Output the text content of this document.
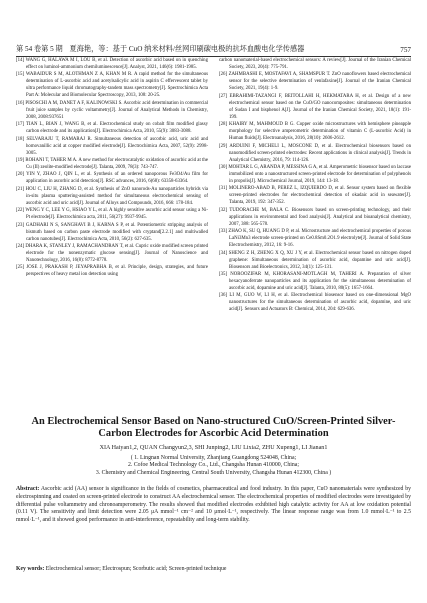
第 54 卷第 5 期 夏海艳，等：基于 CuO 纳米材料/丝网印刷碳电极的抗坏血酸电化学传感器	757

[14] WANG G, HALAWA M I, LOU B, et al. Detection of ascorbic acid based on in quenching effect on luminol-ammonium chemiluminescence[J]. Analyst, 2021, 146(6): 1981-1985.

[15] WABAIDUR S M, ALOTHMAN Z A, KHAN M R. A rapid method for the simultaneous determination of L-ascorbic acid and acetylsalicylic acid in aspirin C effervescent tablet by ultra performance liquid chromatography-tandem mass spectrometry[J]. Spectrochimica Acta Part A: Molecular and Biomolecular Spectroscopy, 2013, 108: 20-25.

[16] PISOSCHI A M, DANET A F, KALINOWSKI S. Ascorbic acid determination in commercial fruit juice samples by cyclic voltammetry[J]. Journal of Analytical Methods in Chemistry, 2008, 2008:937651

[17] TIAN L, BIAN J, WANG B, et al. Electrochemical study on cobalt film modified glassy carbon electrode and its application[J]. Electrochimica Acta, 2010, 55(9): 3083-3088.

[18] SELVARAJU T, RAMARAJ R. Simultaneous detection of ascorbic acid, uric acid and homovanillic acid at copper modified electrode[J]. Electrochimica Acta, 2007, 52(9): 2998-3005.

[19] ROHANI T, TAHER M A. A new method for electrocatalytic oxidation of ascorbic acid at the Cu (II) zeolite-modified electrode[J]. Talanta, 2009, 78(3): 743-747.

[20] YIN Y, ZHAO J, QIN L, et al. Synthesis of an ordered nanoporous Fe3O4/Au film for application in ascorbic acid detection[J]. RSC advances, 2016, 6(68): 63358-63364.

[21] HOU C, LIU H, ZHANG D, et al. Synthesis of ZnO nanorods-Au nanoparticles hybrids via in-situ plasma sputtering-assisted method for simultaneous electrochemical sensing of ascorbic acid and uric acid[J]. Journal of Alloys and Compounds, 2016, 666: 178-184.

[22] WENG Y C, LEE Y G, HSIAO Y L, et al. A highly sensitive ascorbic acid sensor using a Ni-Pt electrode[J]. Electrochimica acta, 2011, 56(27): 9937-9945.

[23] GADHARI N S, SANGHAVI B J, KARNA S P, et al. Potentiometric stripping analysis of bismuth based on carbon paste electrode modified with cryptand[2.2.1] and multiwalled carbon nanotubes[J]. Electrochimica Acta, 2010, 56(2): 627-635.

[24] DHARA K, STANLEY J, RAMACHANDRAN T, et al. Cupric oxide modified screen printed electrode for the nonenzymatic glucose sensing[J]. Journal of Nanoscience and Nanotechnology, 2016, 16(8): 8772-8778.

[25] JOSE J, PRAKASH P, JEYAPRABHA B, et al. Principle, design, strategies, and future perspectives of heavy metal ion detection using

carbon nanomaterial-based electrochemical sensors: A review[J]. Journal of the Iranian Chemical Society, 2023, 20(4): 775-791.

[26] ZAHMBASHI E, MOSTAFAVI A, SHAMSPUR T. ZnO nanoflowers based electrochemical sensor for the selective determination of venlafaxine[J]. Journal of the Iranian Chemical Society, 2021, 19(4): 1-9.

[27] EBRAHIMI-TAZANGI F, BEITOLLAHI H, HEKMATARA H, et al. Design of a new electrochemical sensor based on the CuO/GO nanocomposites: simultaneous determination of Sudan I and bisphenol A[J]. Journal of the Iranian Chemical Society, 2021, 18(1): 191-199.

[28] KHAIRY M, MAHMOUD B G. Copper oxide microstructures with hemisphere pineapple morphology for selective amperometric determination of vitamin C (L-ascorbic Acid) in Human fluids[J]. Electroanalysis, 2016, 28(10): 2606-2612.

[29] ARDUINI F, MICHELI L, MOSCONE D, et al. Electrochemical biosensors based on nanomodified screen-printed electrodes: Recent applications in clinical analysis[J]. Trends in Analytical Chemistry, 2016, 79: 114-126.

[30] MOHTAR L G, ARANDA P, MESSINA G A, et al. Amperometric biosensor based on laccase immobilized onto a nanostructured screen-printed electrode for determination of polyphenols in propolis[J]. Microchemical Journal, 2019, 144: 13-18.

[31] MOLINERO-ABAD B, PEREZ L, IZQUIERDO D, et al. Sensor system based on flexible screen-printed electrodes for electrochemical detection of okadaic acid in seawater[J]. Talanta, 2019, 192: 347-352.

[32] TUDORACHE M, BALA C. Biosensors based on screen-printing technology, and their applications in environmental and food analysis[J]. Analytical and bioanalytical chemistry, 2007, 388: 565-578.

[33] ZHAO K, SU Q, HUANG D P, et al. Microstructure and electrochemical properties of porous LaNi3Mn3 electrode screen-printed on Ce0.8Sm0.2O1.9 electrolyte[J]. Journal of Solid State Electrochemistry, 2012, 16: 9-16.

[34] SHENG Z H, ZHENG X Q, XU J Y, et al. Electrochemical sensor based on nitrogen doped graphene: Simultaneous determination of ascorbic acid, dopamine and uric acid[J]. Biosensors and Bioelectronics, 2012, 34(1): 125-131.

[35] NOROOZIFAR M, KHORASANI-MOTLAGH M, TAHERI A. Preparation of silver hexacyanoferrate nanoparticles and its application for the simultaneous determination of ascorbic acid, dopamine and uric acid[J]. Talanta, 2010, 80(5): 1657-1664.

[36] LI M, GUO W, LI H, et al. Electrochemical biosensor based on one-dimensional MgO nanostructures for the simultaneous determination of ascorbic acid, dopamine, and uric acid[J]. Sensors and Actuators B: Chemical, 2014, 204: 629-636.

An Electrochemical Sensor Based on Nano-structured CuO/Screen-Printed Silver-Carbon Electrodes for Ascorbic Acid Determination
XIA Haiyan1,2, QUAN Changyun2,3, SHI Junping2, LIU Lixia2, ZHU Xupeng1, LI Jianan1
( 1. Lingnan Normal University, Zhanjiang Guangdong 524048, China;
2. Cofoe Medical Technology Co., Ltd., Changsha Hunan 410000, China;
3. Chemistry and Chemical Engineering, Central South University, Changsha Hunan 412300, China )

Abstract: Ascorbic acid (AA) sensor is significance in the fields of cosmetics, pharmaceutical and food industry. In this paper, CuO nanomaterials were synthesized by electrospinning and coated on screen-printed electrode to construct AA electrochemical sensor. The electrochemical properties of modified electrodes were investigated by differential pulse voltammetry and chronoamperometry. The results showed that modified electrodes exhibited high catalytic activity for AA at low oxidation potential (0.11 V). The sensitivity and limit detection were 2.05 μA mmol⁻¹ cm⁻² and 10 μmol·L⁻¹, respectively. The linear response range was from 1.0 mmol·L⁻¹ to 2.5 mmol·L⁻¹, and it showed good performance in anti-interference, repeatability and long-term stability.

Key words: Electrochemical sensor; Electrospun; Scorbutic acid; Screen-printed technique
